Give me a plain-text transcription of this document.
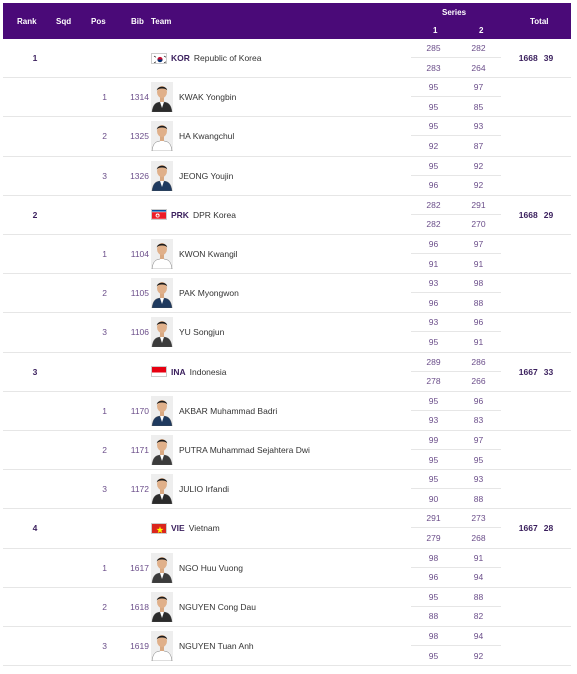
Rank Sqd Pos	Bib Team
Series
1	2
Total
1	KOR Republic of Korea
285	282
283	264
1668 39
1	1314	KWAK Yongbin
95	97
95	85
2	1325	HA Kwangchul
95	93
92	87
3	1326	JEONG Youjin
95	92
96	92
2	PRK DPR Korea
282	291
282	270
1668 29
1	1104	KWON Kwangil
96	97
91	91
2	1105	PAK Myongwon
93	98
96	88
3	1106	YU Songjun
93	96
95	91
3	INA Indonesia
289	286
278	266
1667 33
1	1170	AKBAR Muhammad Badri
95	96
93	83
2	1171	PUTRA Muhammad Sejahtera Dwi
99	97
95	95
3	1172	JULIO Irfandi
95	93
90	88
4	VIE Vietnam
291	273
279	268
1667 28
1	1617	NGO Huu Vuong
98	91
96	94
2	1618	NGUYEN Cong Dau
95	88
88	82
3	1619	NGUYEN Tuan Anh
98	94
95	92
